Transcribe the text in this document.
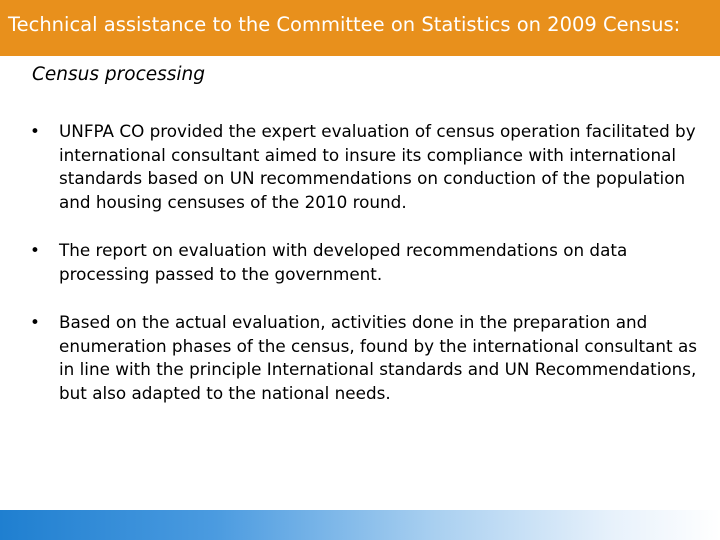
Technical assistance to the Committee on Statistics on 2009 Census:
Census processing
•	UNFPA CO provided the expert evaluation of census operation facilitated by international consultant aimed to insure its compliance with international standards based on UN recommendations on conduction of the population and housing censuses of the 2010 round.
•	The report on evaluation with developed recommendations on data processing passed to the government.
•	Based on the actual evaluation, activities done in the preparation and enumeration phases of the census, found by the international consultant as in line with the principle International standards and UN Recommendations, but also adapted to the national needs.
